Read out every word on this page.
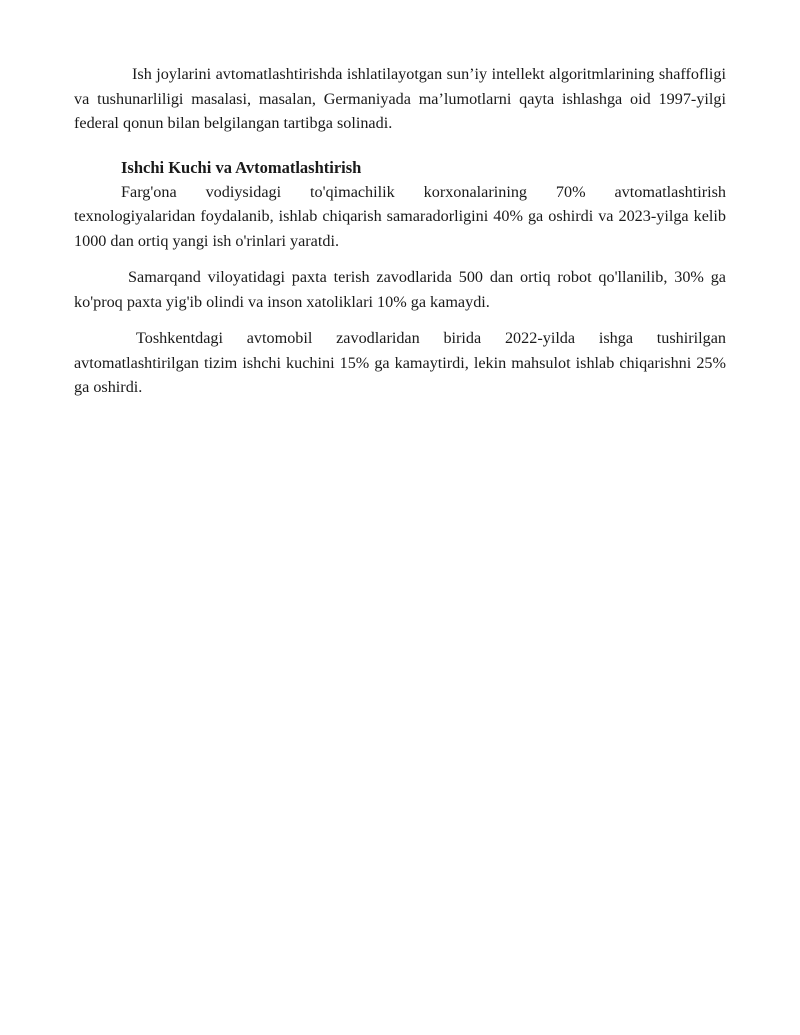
Ish joylarini avtomatlashtirishda ishlatilayotgan sun’iy intellekt algoritmlarining shaffofligi va tushunarliligi masalasi, masalan, Germaniyada ma’lumotlarni qayta ishlashga oid 1997-yilgi federal qonun bilan belgilangan tartibga solinadi.

Ishchi Kuchi va Avtomatlashtirish

Farg'ona vodiysidagi to'qimachilik korxonalarining 70% avtomatlashtirish texnologiyalaridan foydalanib, ishlab chiqarish samaradorligini 40% ga oshirdi va 2023-yilga kelib 1000 dan ortiq yangi ish o'rinlari yaratdi.

Samarqand viloyatidagi paxta terish zavodlarida 500 dan ortiq robot qo'llanilib, 30% ga ko'proq paxta yig'ib olindi va inson xatoliklari 10% ga kamaydi.

Toshkentdagi avtomobil zavodlaridan birida 2022-yilda ishga tushirilgan avtomatlashtirilgan tizim ishchi kuchini 15% ga kamaytirdi, lekin mahsulot ishlab chiqarishni 25% ga oshirdi.
